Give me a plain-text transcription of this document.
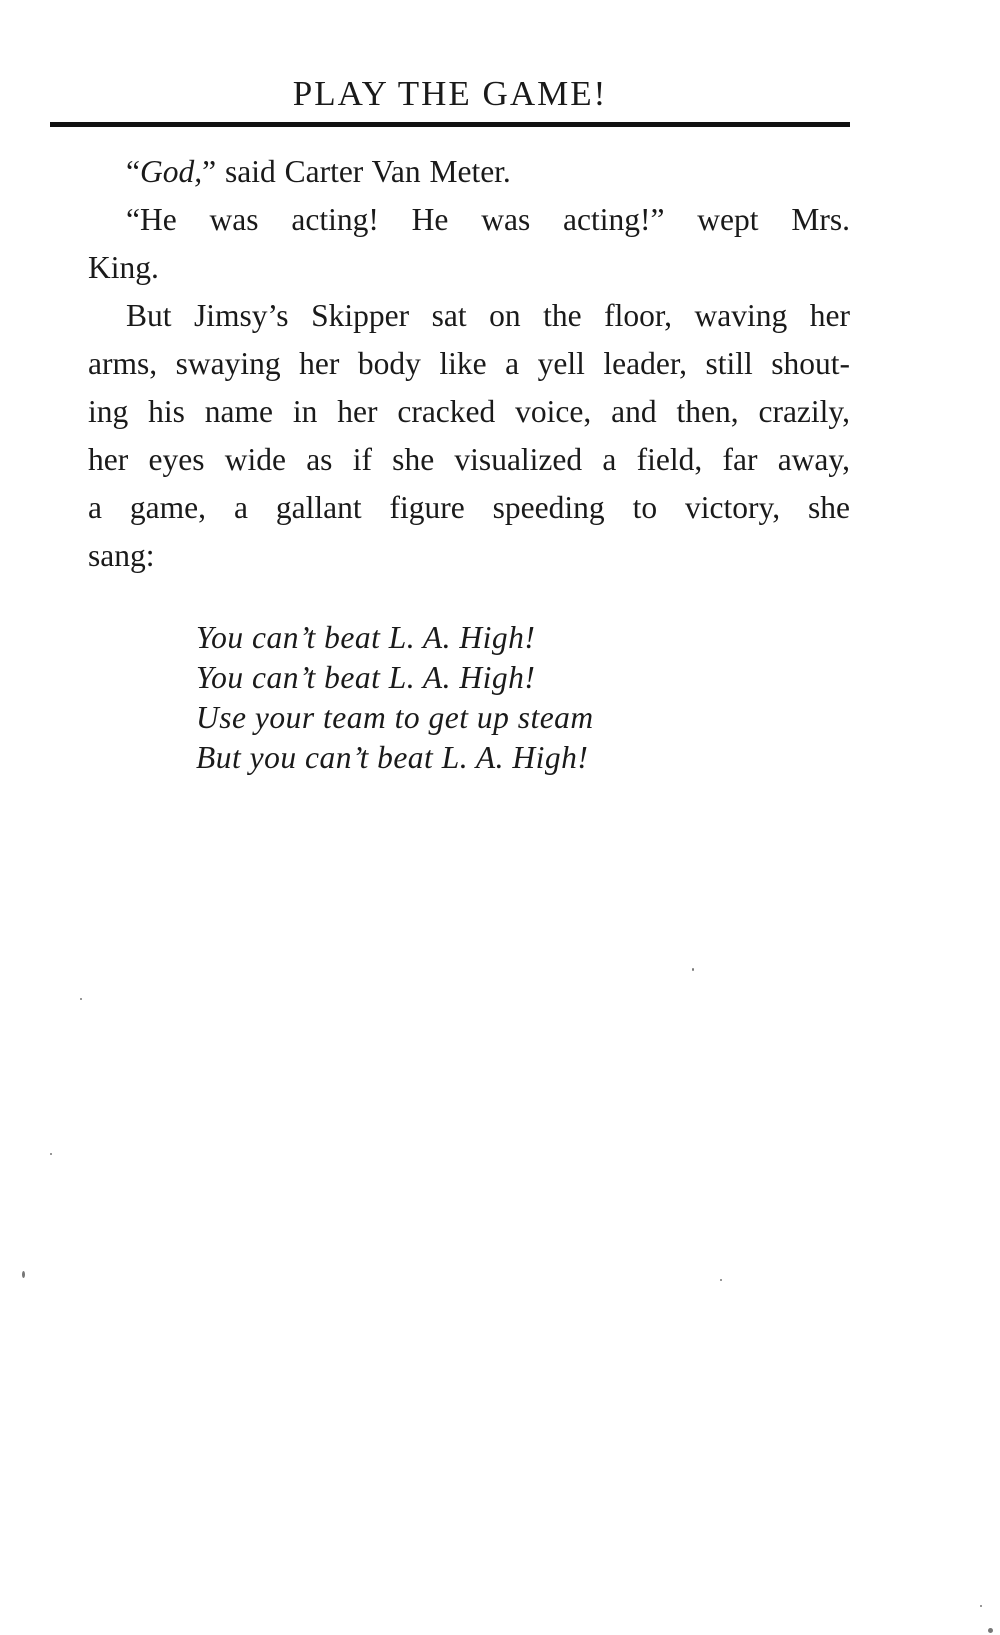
PLAY THE GAME!

“God,” said Carter Van Meter.

“He was acting! He was acting!” wept Mrs.
King.

But Jimsy’s Skipper sat on the floor, waving her
arms, swaying her body like a yell leader, still shout-
ing his name in her cracked voice, and then, crazily,
her eyes wide as if she visualized a field, far away,
a game, a gallant figure speeding to victory, she
sang:

You can’t beat L. A. High!
You can’t beat L. A. High!
Use your team to get up steam
But you can’t beat L. A. High!
